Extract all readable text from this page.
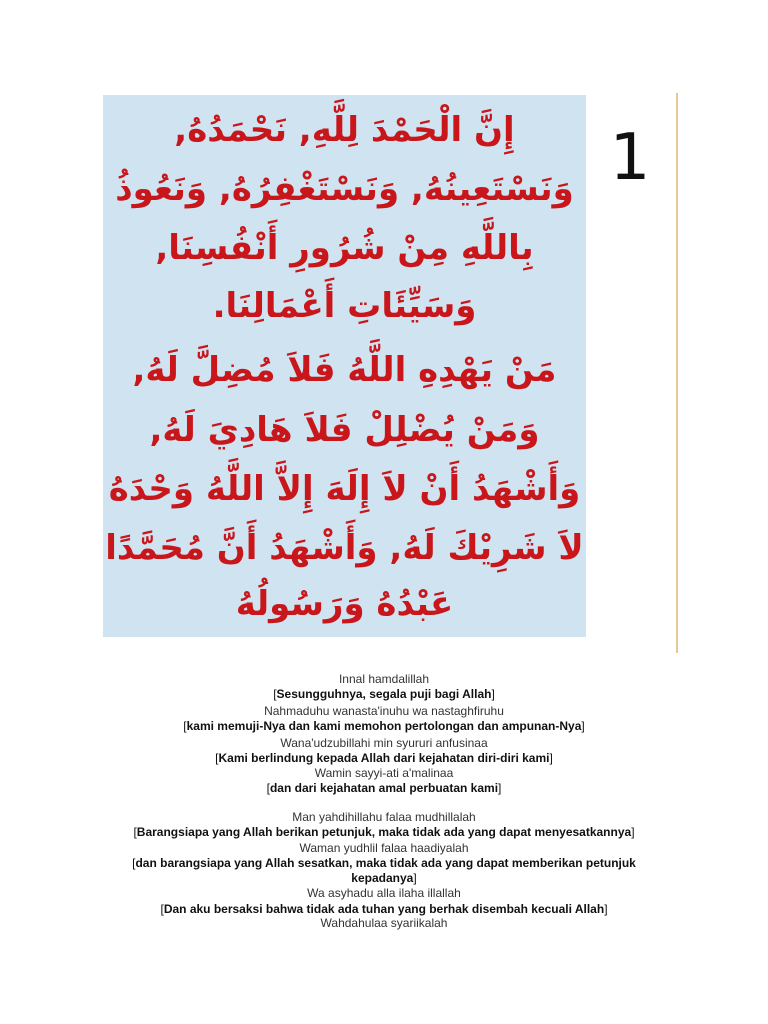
إِنَّ الْحَمْدَ لِلَّهِ, نَحْمَدُهُ,
وَنَسْتَعِينُهُ, وَنَسْتَغْفِرُهُ, وَنَعُوذُ
بِاللَّهِ مِنْ شُرُورِ أَنْفُسِنَا,
وَسَيِّئَاتِ أَعْمَالِنَا.
مَنْ يَهْدِهِ اللَّهُ فَلاَ مُضِلَّ لَهُ,
وَمَنْ يُضْلِلْ فَلاَ هَادِيَ لَهُ,
وَأَشْهَدُ أَنْ لاَ إِلَهَ إِلاَّ اللَّهُ وَحْدَهُ
لاَ شَرِيْكَ لَهُ, وَأَشْهَدُ أَنَّ مُحَمَّدًا
عَبْدُهُ وَرَسُولُهُ
1
Innal hamdalillah
[Sesungguhnya, segala puji bagi Allah]
Nahmaduhu wanasta'inuhu wa nastaghfiruhu
[kami memuji-Nya dan kami memohon pertolongan dan ampunan-Nya]
Wana'udzubillahi min syururi anfusinaa
[Kami berlindung kepada Allah dari kejahatan diri-diri kami]
Wamin sayyi-ati a'malinaa
[dan dari kejahatan amal perbuatan kami]
Man yahdihillahu falaa mudhillalah
[Barangsiapa yang Allah berikan petunjuk, maka tidak ada yang dapat menyesatkannya]
Waman yudhlil falaa haadiyalah
[dan barangsiapa yang Allah sesatkan, maka tidak ada yang dapat memberikan petunjuk
kepadanya]
Wa asyhadu alla ilaha illallah
[Dan aku bersaksi bahwa tidak ada tuhan yang berhak disembah kecuali Allah]
Wahdahulaa syariikalah
